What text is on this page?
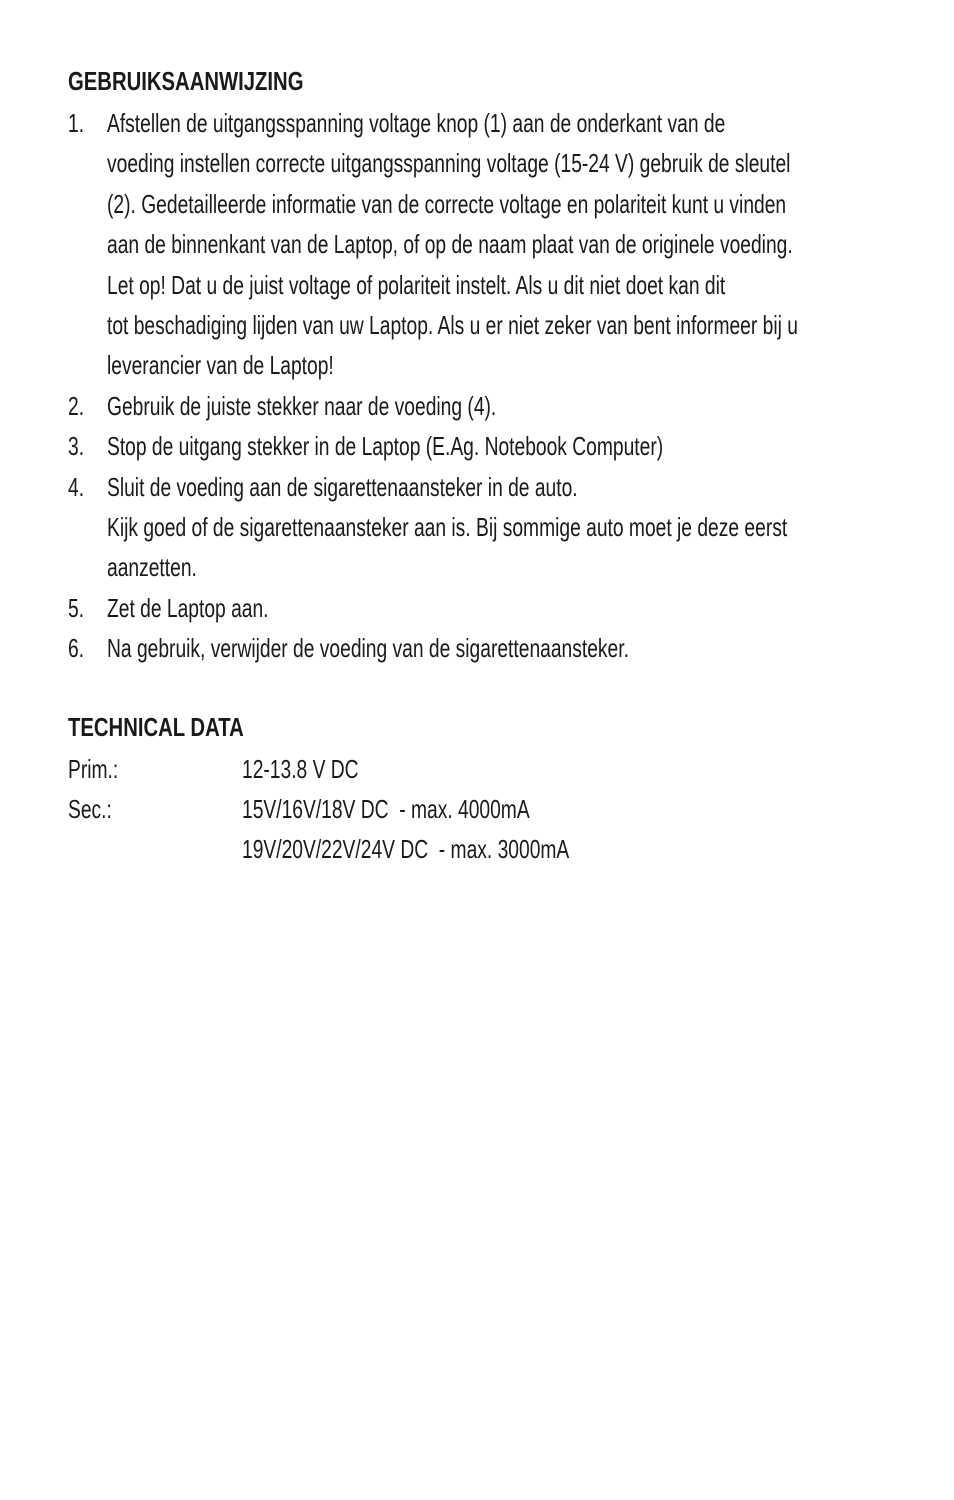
GEBRUIKSAANWIJZING
1. Afstellen de uitgangsspanning voltage knop (1) aan de onderkant van de
voeding instellen correcte uitgangsspanning voltage (15-24 V) gebruik de sleutel
(2). Gedetailleerde informatie van de correcte voltage en polariteit kunt u vinden
aan de binnenkant van de Laptop, of op de naam plaat van de originele voeding.
Let op! Dat u de juist voltage of polariteit instelt. Als u dit niet doet kan dit
tot beschadiging lijden van uw Laptop. Als u er niet zeker van bent informeer bij u
leverancier van de Laptop!
2. Gebruik de juiste stekker naar de voeding (4).
3. Stop de uitgang stekker in de Laptop (E.Ag. Notebook Computer)
4. Sluit de voeding aan de sigarettenaansteker in de auto.
Kijk goed of de sigarettenaansteker aan is. Bij sommige auto moet je deze eerst
aanzetten.
5. Zet de Laptop aan.
6. Na gebruik, verwijder de voeding van de sigarettenaansteker.
TECHNICAL DATA
Prim.:	12-13.8 V DC
Sec.:	15V/16V/18V DC  - max. 4000mA
19V/20V/22V/24V DC  - max. 3000mA
